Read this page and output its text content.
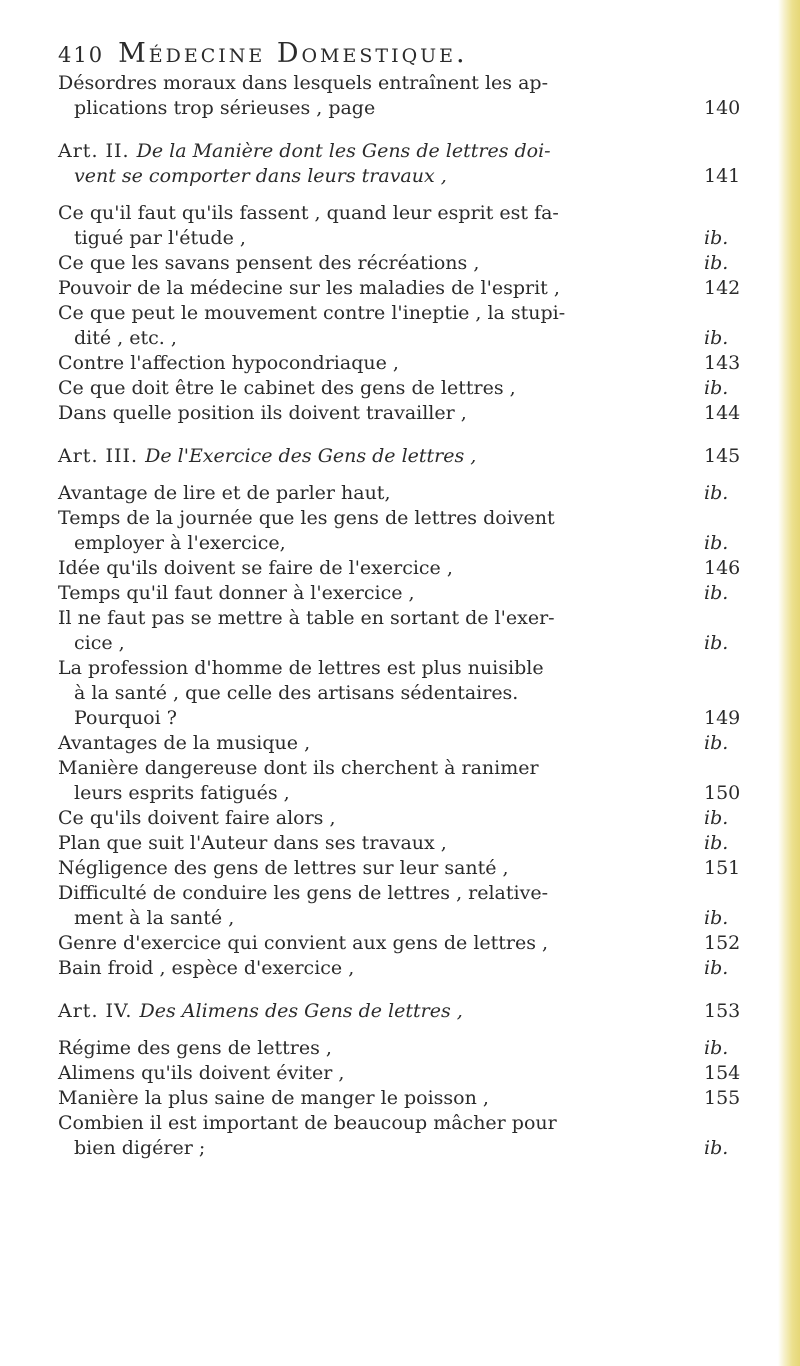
410 Médecine Domestique.
Désordres moraux dans lesquels entraînent les ap-
plications trop sérieuses , page	140
Art. II. De la Manière dont les Gens de lettres doi-
vent se comporter dans leurs travaux ,	141
Ce qu'il faut qu'ils fassent , quand leur esprit est fa-
tigué par l'étude ,	ib.
Ce que les savans pensent des récréations ,	ib.
Pouvoir de la médecine sur les maladies de l'esprit ,	142
Ce que peut le mouvement contre l'ineptie , la stupi-
dité , etc. ,	ib.
Contre l'affection hypocondriaque ,	143
Ce que doit être le cabinet des gens de lettres ,	ib.
Dans quelle position ils doivent travailler ,	144
Art. III. De l'Exercice des Gens de lettres ,	145
Avantage de lire et de parler haut,	ib.
Temps de la journée que les gens de lettres doivent
employer à l'exercice,	ib.
Idée qu'ils doivent se faire de l'exercice ,	146
Temps qu'il faut donner à l'exercice ,	ib.
Il ne faut pas se mettre à table en sortant de l'exer-
cice ,	ib.
La profession d'homme de lettres est plus nuisible
à la santé , que celle des artisans sédentaires.
Pourquoi ?	149
Avantages de la musique ,	ib.
Manière dangereuse dont ils cherchent à ranimer
leurs esprits fatigués ,	150
Ce qu'ils doivent faire alors ,	ib.
Plan que suit l'Auteur dans ses travaux ,	ib.
Négligence des gens de lettres sur leur santé ,	151
Difficulté de conduire les gens de lettres , relative-
ment à la santé ,	ib.
Genre d'exercice qui convient aux gens de lettres ,	152
Bain froid , espèce d'exercice ,	ib.
Art. IV. Des Alimens des Gens de lettres ,	153
Régime des gens de lettres ,	ib.
Alimens qu'ils doivent éviter ,	154
Manière la plus saine de manger le poisson ,	155
Combien il est important de beaucoup mâcher pour
bien digérer ;	ib.
